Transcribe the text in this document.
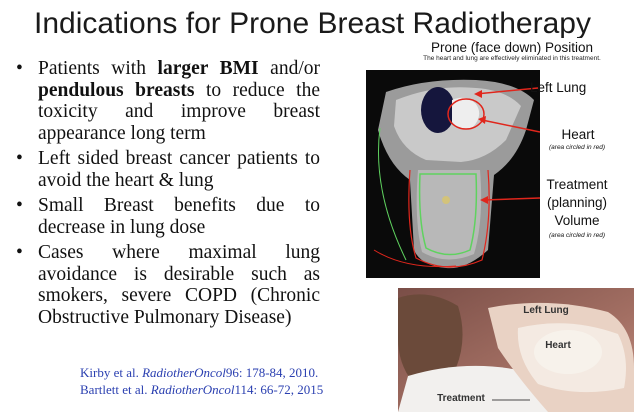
Indications for Prone Breast Radiotherapy
• Patients with larger BMI and/or pendulous breasts to reduce the toxicity and improve breast appearance long term
• Left sided breast cancer patients to avoid the heart & lung
• Small Breast benefits due to decrease in lung dose
• Cases where maximal lung avoidance is desirable such as smokers, severe COPD (Chronic Obstructive Pulmonary Disease)
Kirby et al. RadiotherOncol96: 178-84, 2010.
Bartlett et al. RadiotherOncol114: 66-72, 2015
Prone (face down) Position
The heart and lung are effectively eliminated in this treatment.
Left Lung
Heart
(area circled in red)
Treatment
(planning)
Volume
(area circled in red)
Left Lung
Heart
Treatment
